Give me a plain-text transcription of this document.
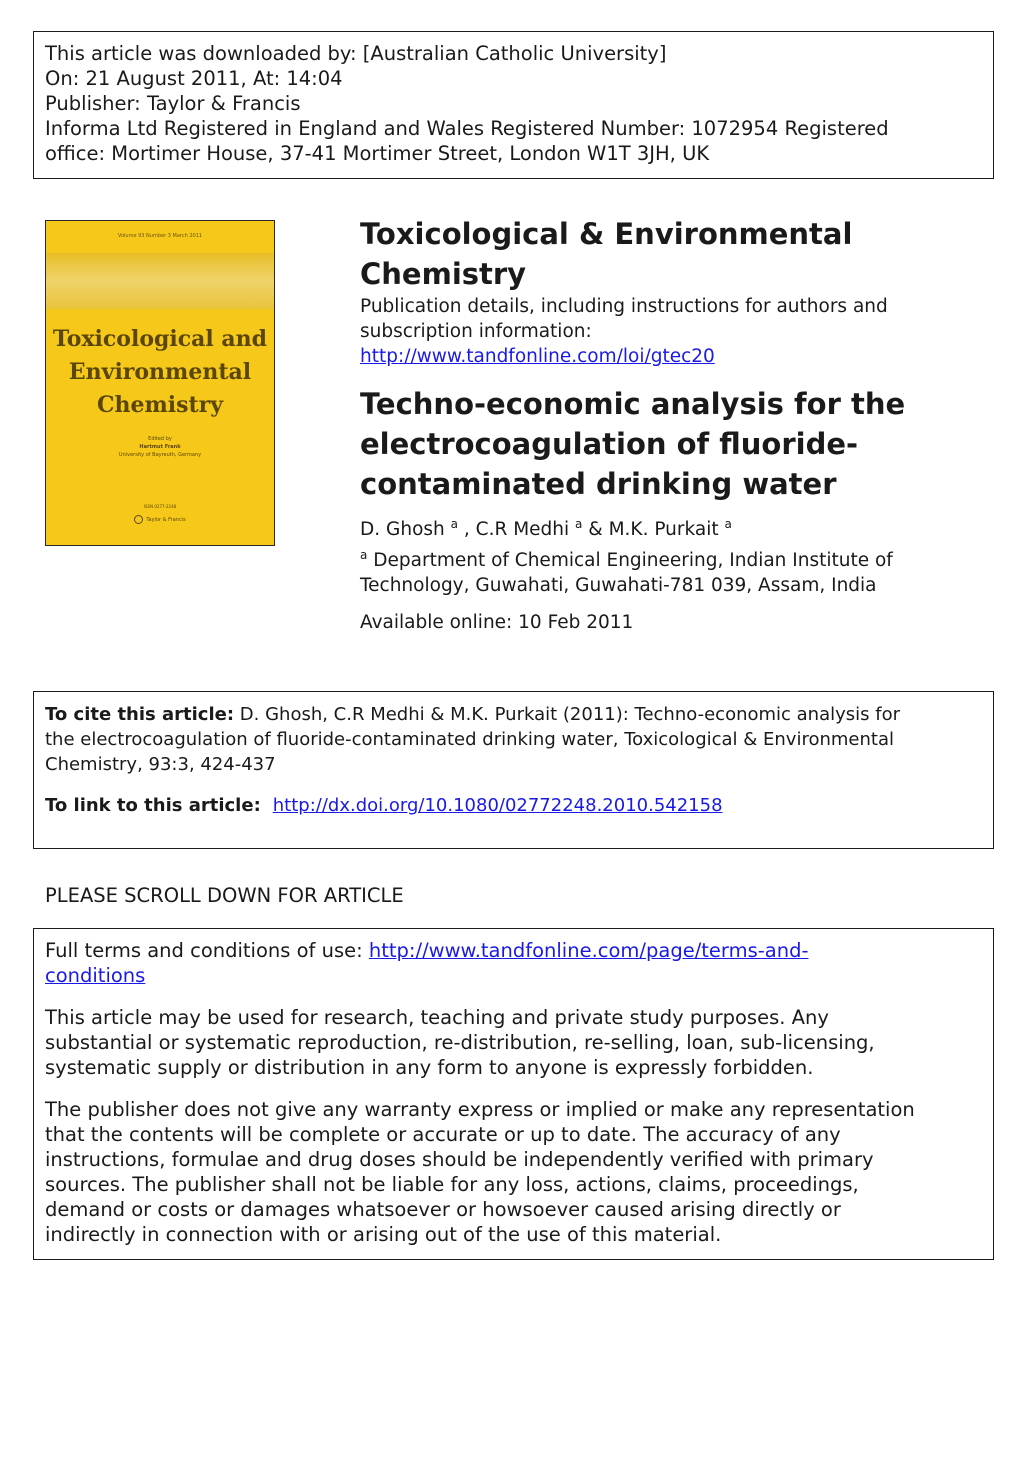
This article was downloaded by: [Australian Catholic University]
On: 21 August 2011, At: 14:04
Publisher: Taylor & Francis
Informa Ltd Registered in England and Wales Registered Number: 1072954 Registered
office: Mortimer House, 37-41 Mortimer Street, London W1T 3JH, UK
Volume 93 Number 3 March 2011
Toxicological and
Environmental
Chemistry
Edited by
Hartmut Frank
University of Bayreuth, Germany
ISSN 0277-2248
Taylor & Francis
Toxicological & Environmental
Chemistry
Publication details, including instructions for authors and
subscription information:
http://www.tandfonline.com/loi/gtec20
Techno-economic analysis for the
electrocoagulation of fluoride-
contaminated drinking water
D. Ghosh $^a$ , C.R Medhi $^a$ & M.K. Purkait $^a$
$^a$ Department of Chemical Engineering, Indian Institute of
Technology, Guwahati, Guwahati-781 039, Assam, India
Available online: 10 Feb 2011
To cite this article: D. Ghosh, C.R Medhi & M.K. Purkait (2011): Techno-economic analysis for
the electrocoagulation of fluoride-contaminated drinking water, Toxicological & Environmental
Chemistry, 93:3, 424-437
To link to this article: http://dx.doi.org/10.1080/02772248.2010.542158
PLEASE SCROLL DOWN FOR ARTICLE

Full terms and conditions of use: http://www.tandfonline.com/page/terms-and-
conditions

This article may be used for research, teaching and private study purposes. Any
substantial or systematic reproduction, re-distribution, re-selling, loan, sub-licensing,
systematic supply or distribution in any form to anyone is expressly forbidden.

The publisher does not give any warranty express or implied or make any representation
that the contents will be complete or accurate or up to date. The accuracy of any
instructions, formulae and drug doses should be independently verified with primary
sources. The publisher shall not be liable for any loss, actions, claims, proceedings,
demand or costs or damages whatsoever or howsoever caused arising directly or
indirectly in connection with or arising out of the use of this material.
